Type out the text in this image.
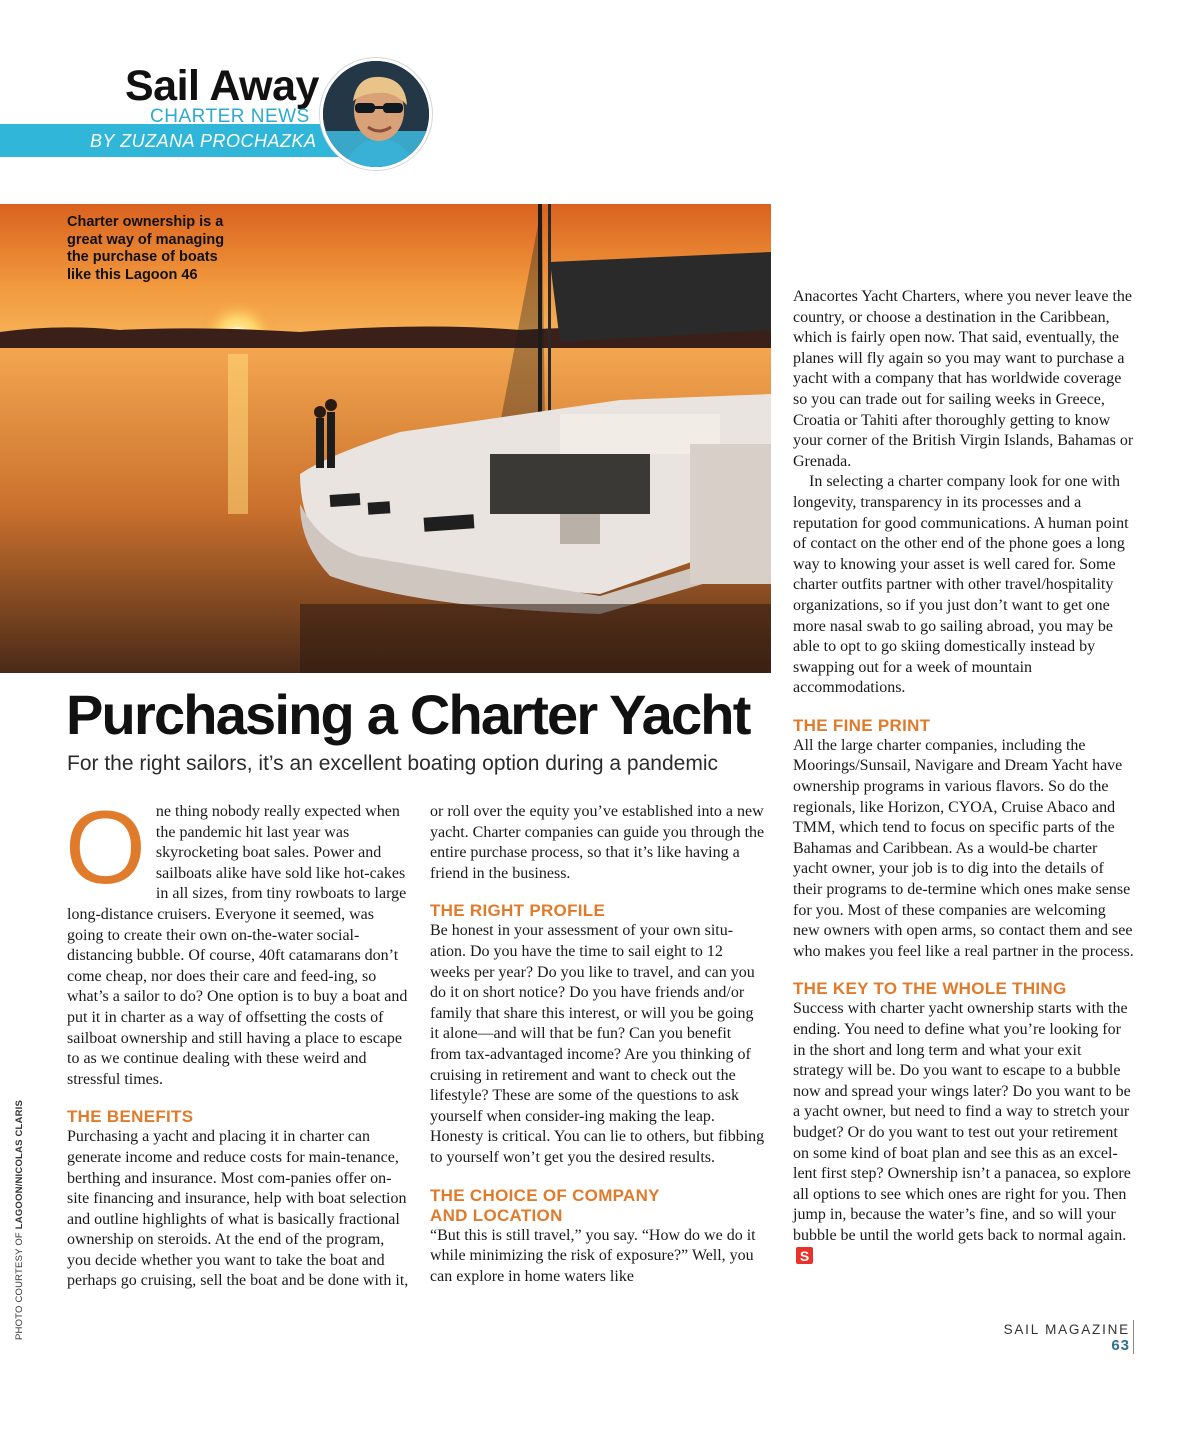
Sail Away
CHARTER NEWS
BY ZUZANA PROCHAZKA
Charter ownership is a great way of managing the purchase of boats like this Lagoon 46
Purchasing a Charter Yacht
For the right sailors, it’s an excellent boating option during a pandemic

One thing nobody really expected when the pandemic hit last year was skyrocketing boat sales. Power and sailboats alike have sold like hot-cakes in all sizes, from tiny rowboats to large long-distance cruisers. Everyone it seemed, was going to create their own on-the-water social-distancing bubble. Of course, 40ft catamarans don’t come cheap, nor does their care and feed-ing, so what’s a sailor to do? One option is to buy a boat and put it in charter as a way of offsetting the costs of sailboat ownership and still having a place to escape to as we continue dealing with these weird and stressful times.

THE BENEFITS

Purchasing a yacht and placing it in charter can generate income and reduce costs for main-tenance, berthing and insurance. Most com-panies offer on-site financing and insurance, help with boat selection and outline highlights of what is basically fractional ownership on steroids. At the end of the program, you decide whether you want to take the boat and perhaps go cruising, sell the boat and be done with it,

or roll over the equity you’ve established into a new yacht. Charter companies can guide you through the entire purchase process, so that it’s like having a friend in the business.

THE RIGHT PROFILE

Be honest in your assessment of your own situ-ation. Do you have the time to sail eight to 12 weeks per year? Do you like to travel, and can you do it on short notice? Do you have friends and/or family that share this interest, or will you be going it alone—and will that be fun? Can you benefit from tax-advantaged income? Are you thinking of cruising in retirement and want to check out the lifestyle? These are some of the questions to ask yourself when consider-ing making the leap. Honesty is critical. You can lie to others, but fibbing to yourself won’t get you the desired results.

THE CHOICE OF COMPANY
AND LOCATION

“But this is still travel,” you say. “How do we do it while minimizing the risk of exposure?” Well, you can explore in home waters like

Anacortes Yacht Charters, where you never leave the country, or choose a destination in the Caribbean, which is fairly open now. That said, eventually, the planes will fly again so you may want to purchase a yacht with a company that has worldwide coverage so you can trade out for sailing weeks in Greece, Croatia or Tahiti after thoroughly getting to know your corner of the British Virgin Islands, Bahamas or Grenada.

In selecting a charter company look for one with longevity, transparency in its processes and a reputation for good communications. A human point of contact on the other end of the phone goes a long way to knowing your asset is well cared for. Some charter outfits partner with other travel/hospitality organizations, so if you just don’t want to get one more nasal swab to go sailing abroad, you may be able to opt to go skiing domestically instead by swapping out for a week of mountain accommodations.

THE FINE PRINT

All the large charter companies, including the Moorings/Sunsail, Navigare and Dream Yacht have ownership programs in various flavors. So do the regionals, like Horizon, CYOA, Cruise Abaco and TMM, which tend to focus on specific parts of the Bahamas and Caribbean. As a would-be charter yacht owner, your job is to dig into the details of their programs to de-termine which ones make sense for you. Most of these companies are welcoming new owners with open arms, so contact them and see who makes you feel like a real partner in the process.

THE KEY TO THE WHOLE THING

Success with charter yacht ownership starts with the ending. You need to define what you’re looking for in the short and long term and what your exit strategy will be. Do you want to escape to a bubble now and spread your wings later? Do you want to be a yacht owner, but need to find a way to stretch your budget? Or do you want to test out your retirement on some kind of boat plan and see this as an excel-lent first step? Ownership isn’t a panacea, so explore all options to see which ones are right for you. Then jump in, because the water’s fine, and so will your bubble be until the world gets back to normal again.S

PHOTO COURTESY OF LAGOON/NICOLAS CLARIS
SAIL MAGAZINE
63
